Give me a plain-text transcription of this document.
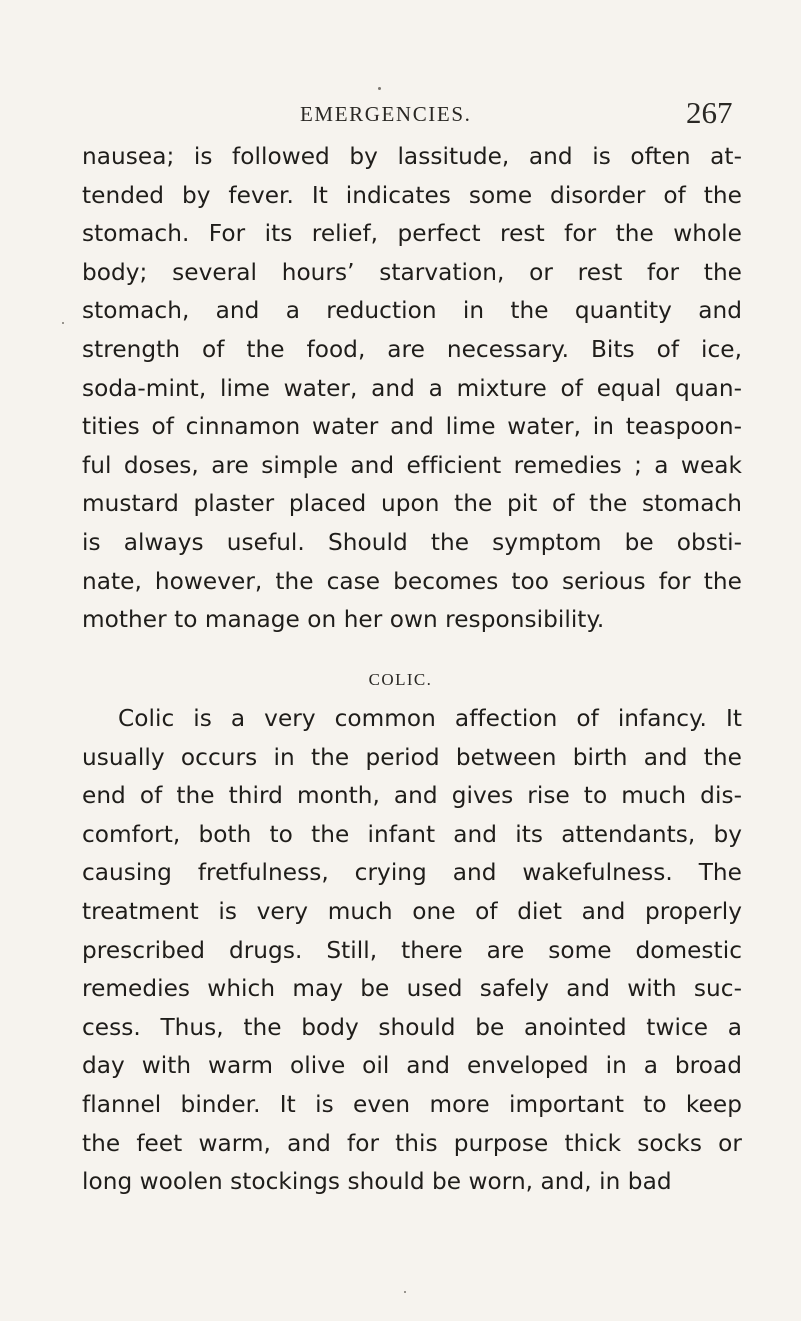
EMERGENCIES.	267
nausea; is followed by lassitude, and is often at-
tended by fever. It indicates some disorder of the
stomach. For its relief, perfect rest for the whole
body; several hours’ starvation, or rest for the
stomach, and a reduction in the quantity and
strength of the food, are necessary. Bits of ice,
soda-mint, lime water, and a mixture of equal quan-
tities of cinnamon water and lime water, in teaspoon-
ful doses, are simple and efficient remedies ; a weak
mustard plaster placed upon the pit of the stomach
is always useful. Should the symptom be obsti-
nate, however, the case becomes too serious for the
mother to manage on her own responsibility.
COLIC.
Colic is a very common affection of infancy. It
usually occurs in the period between birth and the
end of the third month, and gives rise to much dis-
comfort, both to the infant and its attendants, by
causing fretfulness, crying and wakefulness. The
treatment is very much one of diet and properly
prescribed drugs. Still, there are some domestic
remedies which may be used safely and with suc-
cess. Thus, the body should be anointed twice a
day with warm olive oil and enveloped in a broad
flannel binder. It is even more important to keep
the feet warm, and for this purpose thick socks or
long woolen stockings should be worn, and, in bad
